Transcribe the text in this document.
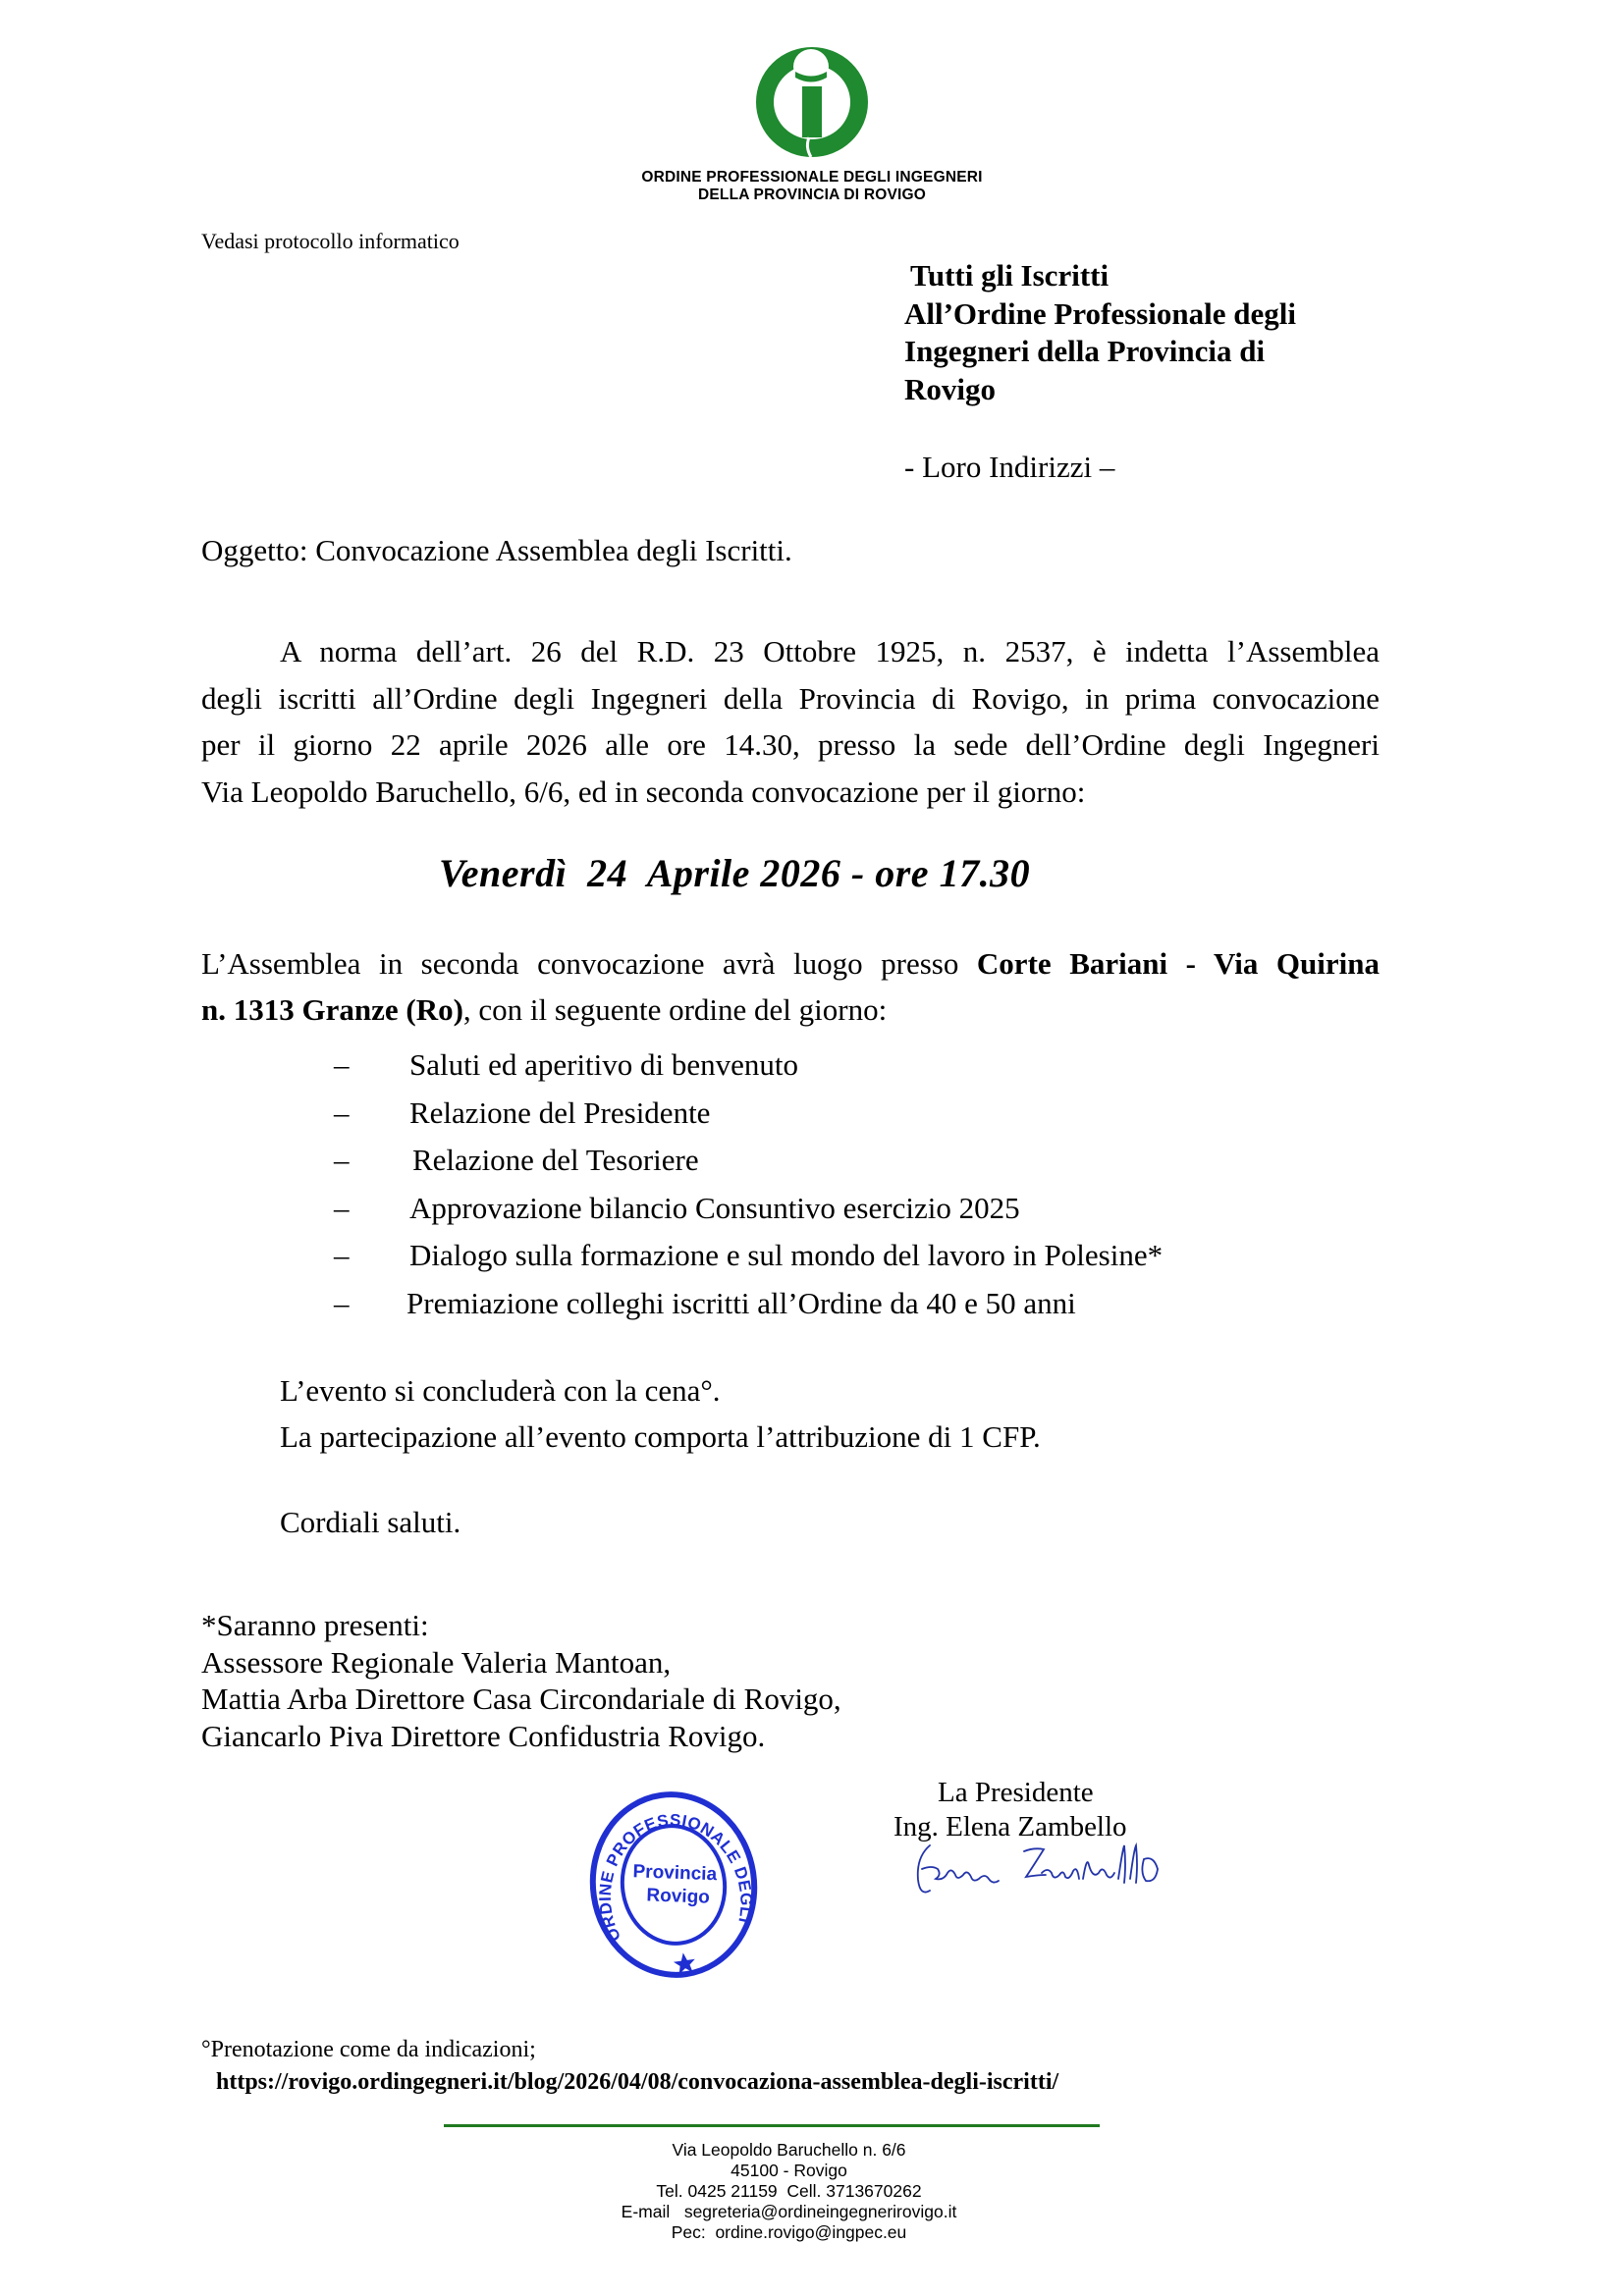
ORDINE PROFESSIONALE DEGLI INGEGNERI
DELLA PROVINCIA DI ROVIGO
Vedasi protocollo informatico
Tutti gli Iscritti
All’Ordine Professionale degli
Ingegneri della Provincia di
Rovigo
- Loro Indirizzi –
Oggetto: Convocazione Assemblea degli Iscritti.
A norma dell’art. 26 del R.D. 23 Ottobre 1925, n. 2537, è indetta l’Assemblea
degli iscritti all’Ordine degli Ingegneri della Provincia di Rovigo, in prima convocazione
per il giorno 22 aprile 2026 alle ore 14.30, presso la sede dell’Ordine degli Ingegneri
Via Leopoldo Baruchello, 6/6, ed in seconda convocazione per il giorno:
Venerdì  24  Aprile 2026 - ore 17.30
L’Assemblea in seconda convocazione avrà luogo presso Corte Bariani - Via Quirina
n. 1313 Granze (Ro), con il seguente ordine del giorno:
– Saluti ed aperitivo di benvenuto
– Relazione del Presidente
– Relazione del Tesoriere
– Approvazione bilancio Consuntivo esercizio 2025
– Dialogo sulla formazione e sul mondo del lavoro in Polesine*
– Premiazione colleghi iscritti all’Ordine da 40 e 50 anni
L’evento si concluderà con la cena°.
La partecipazione all’evento comporta l’attribuzione di 1 CFP.
Cordiali saluti.
*Saranno presenti:
Assessore Regionale Valeria Mantoan,
Mattia Arba Direttore Casa Circondariale di Rovigo,
Giancarlo Piva Direttore Confidustria Rovigo.
ORDINE PROFESSIONALE DEGLI
Provincia
Rovigo
La Presidente
Ing. Elena Zambello
°Prenotazione come da indicazioni;
https://rovigo.ordingegneri.it/blog/2026/04/08/convocaziona-assemblea-degli-iscritti/
Via Leopoldo Baruchello n. 6/6
45100 - Rovigo
Tel. 0425 21159  Cell. 3713670262
E-mail   segreteria@ordineingegnerirovigo.it
Pec:  ordine.rovigo@ingpec.eu
